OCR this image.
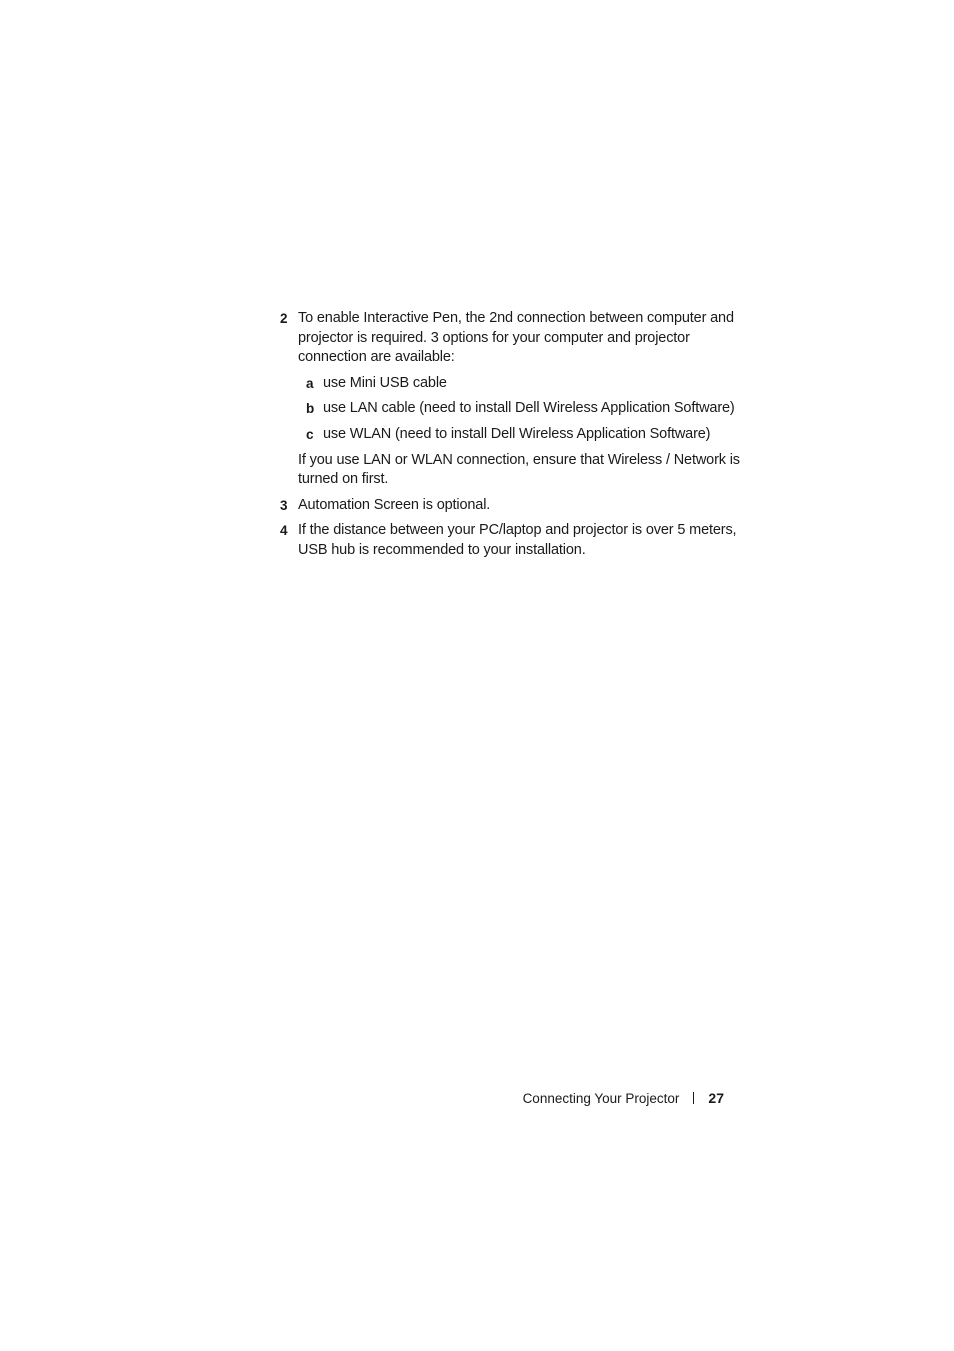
2 To enable Interactive Pen, the 2nd connection between computer and projector is required. 3 options for your computer and projector connection are available:
a use Mini USB cable
b use LAN cable (need to install Dell Wireless Application Software)
c use WLAN (need to install Dell Wireless Application Software)
If you use LAN or WLAN connection, ensure that Wireless / Network is turned on first.
3 Automation Screen is optional.
4 If the distance between your PC/laptop and projector is over 5 meters, USB hub is recommended to your installation.
Connecting Your Projector 27
